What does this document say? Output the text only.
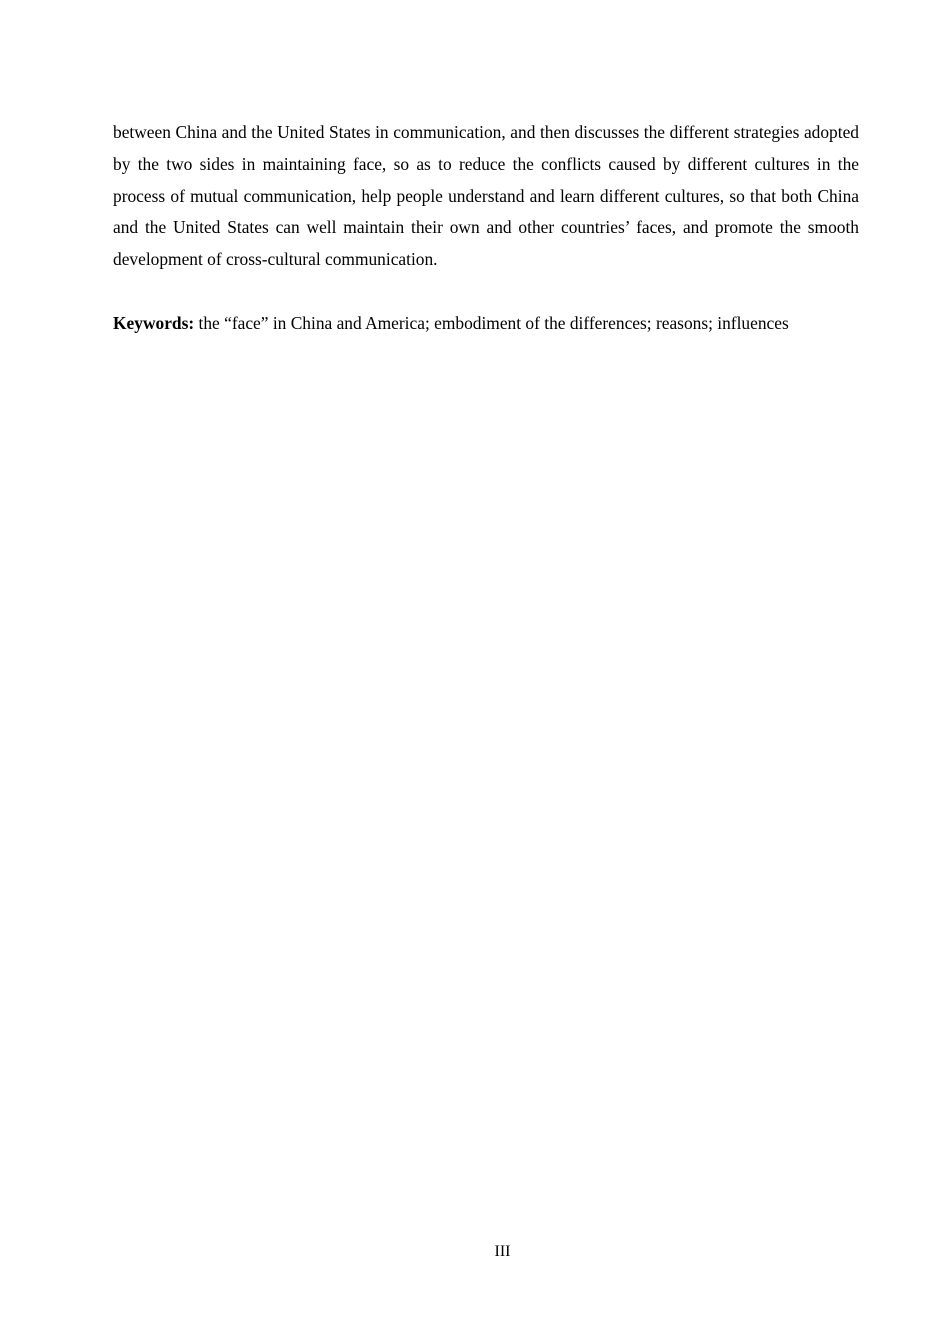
between China and the United States in communication, and then discusses the different strategies adopted by the two sides in maintaining face, so as to reduce the conflicts caused by different cultures in the process of mutual communication, help people understand and learn different cultures, so that both China and the United States can well maintain their own and other countries’ faces, and promote the smooth development of cross-cultural communication.

Keywords: the “face” in China and America; embodiment of the differences; reasons; influences

III
